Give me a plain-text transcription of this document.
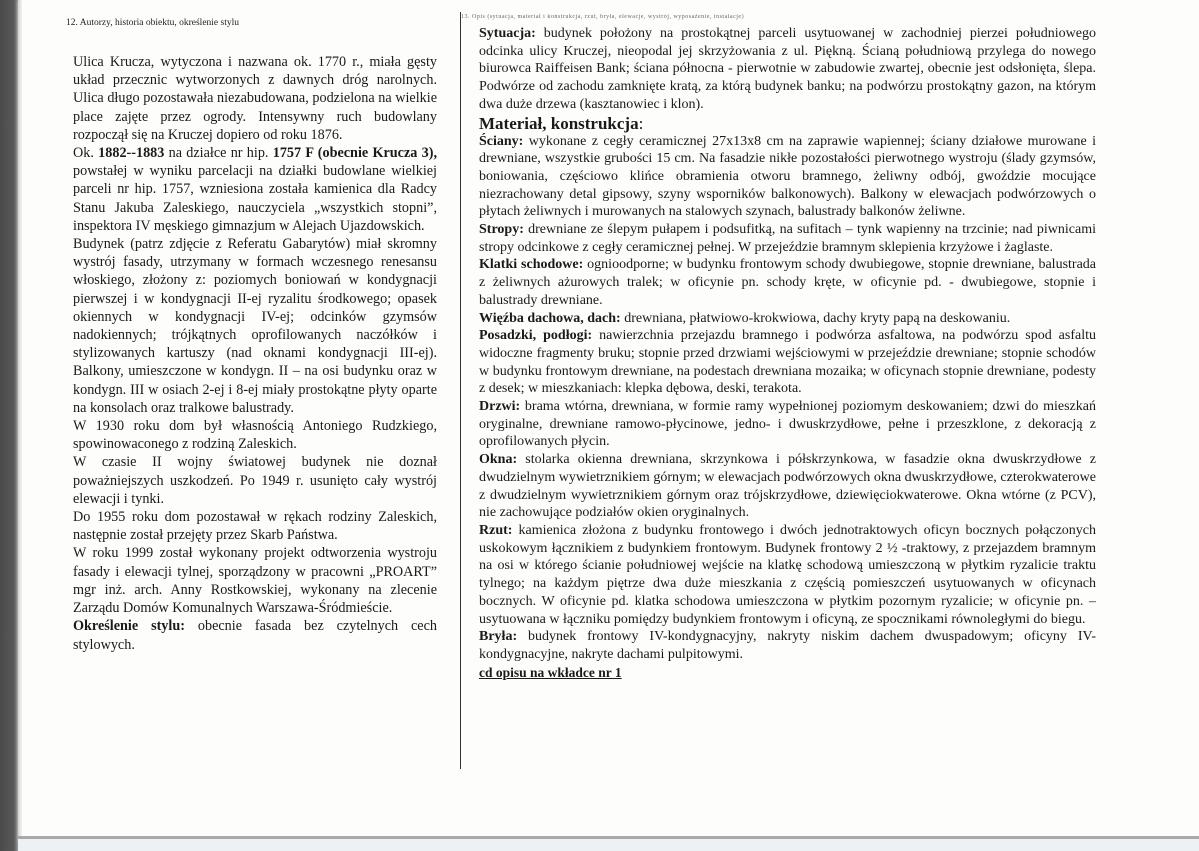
12. Autorzy, historia obiektu, określenie stylu
13. Opis (sytuacja, materiał i konstrukcja, rzut, bryła, elewacje, wystrój, wyposażenie, instalacje)

Ulica Krucza, wytyczona i nazwana ok. 1770 r., miała gęsty układ przecznic wytworzonych z dawnych dróg narolnych. Ulica długo pozostawała niezabudowana, podzielona na wielkie place zajęte przez ogrody. Intensywny ruch budowlany rozpoczął się na Kruczej dopiero od roku 1876.

Ok. 1882--1883 na działce nr hip. 1757 F (obecnie Krucza 3), powstałej w wyniku parcelacji na działki budowlane wielkiej parceli nr hip. 1757, wzniesiona została kamienica dla Radcy Stanu Jakuba Zaleskiego, nauczyciela „wszystkich stopni”, inspektora IV męskiego gimnazjum w Alejach Ujazdowskich.

Budynek (patrz zdjęcie z Referatu Gabarytów) miał skromny wystrój fasady, utrzymany w formach wczesnego renesansu włoskiego, złożony z: poziomych boniowań w kondygnacji pierwszej i w kondygnacji II-ej ryzalitu środkowego; opasek okiennych w kondygnacji IV-ej; odcinków gzymsów nadokiennych; trójkątnych oprofilowanych naczółków i stylizowanych kartuszy (nad oknami kondygnacji III-ej). Balkony, umieszczone w kondygn. II – na osi budynku oraz w kondygn. III w osiach 2-ej i 8-ej miały prostokątne płyty oparte na konsolach oraz tralkowe balustrady.

W 1930 roku dom był własnością Antoniego Rudzkiego, spowinowaconego z rodziną Zaleskich.

W czasie II wojny światowej budynek nie doznał poważniejszych uszkodzeń. Po 1949 r. usunięto cały wystrój elewacji i tynki.

Do 1955 roku dom pozostawał w rękach rodziny Zaleskich, następnie został przejęty przez Skarb Państwa.

W roku 1999 został wykonany projekt odtworzenia wystroju fasady i elewacji tylnej, sporządzony w pracowni „PROART” mgr inż. arch. Anny Rostkowskiej, wykonany na zlecenie Zarządu Domów Komunalnych Warszawa-Śródmieście.

Określenie stylu: obecnie fasada bez czytelnych cech stylowych.

Sytuacja: budynek położony na prostokątnej parceli usytuowanej w zachodniej pierzei południowego odcinka ulicy Kruczej, nieopodal jej skrzyżowania z ul. Piękną. Ścianą południową przylega do nowego biurowca Raiffeisen Bank; ściana północna - pierwotnie w zabudowie zwartej, obecnie jest odsłonięta, ślepa. Podwórze od zachodu zamknięte kratą, za którą budynek banku; na podwórzu prostokątny gazon, na którym dwa duże drzewa (kasztanowiec i klon).

Materiał, konstrukcja:

Ściany: wykonane z cegły ceramicznej 27x13x8 cm na zaprawie wapiennej; ściany działowe murowane i drewniane, wszystkie grubości 15 cm. Na fasadzie nikłe pozostałości pierwotnego wystroju (ślady gzymsów, boniowania, częściowo klińce obramienia otworu bramnego, żeliwny odbój, gwoździe mocujące niezrachowany detal gipsowy, szyny wsporników balkonowych). Balkony w elewacjach podwórzowych o płytach żeliwnych i murowanych na stalowych szynach, balustrady balkonów żeliwne.

Stropy: drewniane ze ślepym pułapem i podsufitką, na sufitach – tynk wapienny na trzcinie; nad piwnicami stropy odcinkowe z cegły ceramicznej pełnej. W przejeździe bramnym sklepienia krzyżowe i żaglaste.

Klatki schodowe: ognioodporne; w budynku frontowym schody dwubiegowe, stopnie drewniane, balustrada z żeliwnych ażurowych tralek; w oficynie pn. schody kręte, w oficynie pd. - dwubiegowe, stopnie i balustrady drewniane.

Więźba dachowa, dach: drewniana, płatwiowo-krokwiowa, dachy kryty papą na deskowaniu.

Posadzki, podłogi: nawierzchnia przejazdu bramnego i podwórza asfaltowa, na podwórzu spod asfaltu widoczne fragmenty bruku; stopnie przed drzwiami wejściowymi w przejeździe drewniane; stopnie schodów w budynku frontowym drewniane, na podestach drewniana mozaika; w oficynach stopnie drewniane, podesty z desek; w mieszkaniach: klepka dębowa, deski, terakota.

Drzwi: brama wtórna, drewniana, w formie ramy wypełnionej poziomym deskowaniem; dzwi do mieszkań oryginalne, drewniane ramowo-płycinowe, jedno- i dwuskrzydłowe, pełne i przeszklone, z dekoracją z oprofilowanych płycin.

Okna: stolarka okienna drewniana, skrzynkowa i półskrzynkowa, w fasadzie okna dwuskrzydłowe z dwudzielnym wywietrznikiem górnym; w elewacjach podwórzowych okna dwuskrzydłowe, czterokwaterowe z dwudzielnym wywietrznikiem górnym oraz trójskrzydłowe, dziewięciokwaterowe. Okna wtórne (z PCV), nie zachowujące podziałów okien oryginalnych.

Rzut: kamienica złożona z budynku frontowego i dwóch jednotraktowych oficyn bocznych połączonych uskokowym łącznikiem z budynkiem frontowym. Budynek frontowy 2 ½ -traktowy, z przejazdem bramnym na osi w którego ścianie południowej wejście na klatkę schodową umieszczoną w płytkim ryzalicie traktu tylnego; na każdym piętrze dwa duże mieszkania z częścią pomieszczeń usytuowanych w oficynach bocznych. W oficynie pd. klatka schodowa umieszczona w płytkim pozornym ryzalicie; w oficynie pn. – usytuowana w łączniku pomiędzy budynkiem frontowym i oficyną, ze spocznikami równoległymi do biegu.

Bryła: budynek frontowy IV-kondygnacyjny, nakryty niskim dachem dwuspadowym; oficyny IV-kondygnacyjne, nakryte dachami pulpitowymi.

cd opisu na wkładce nr 1
